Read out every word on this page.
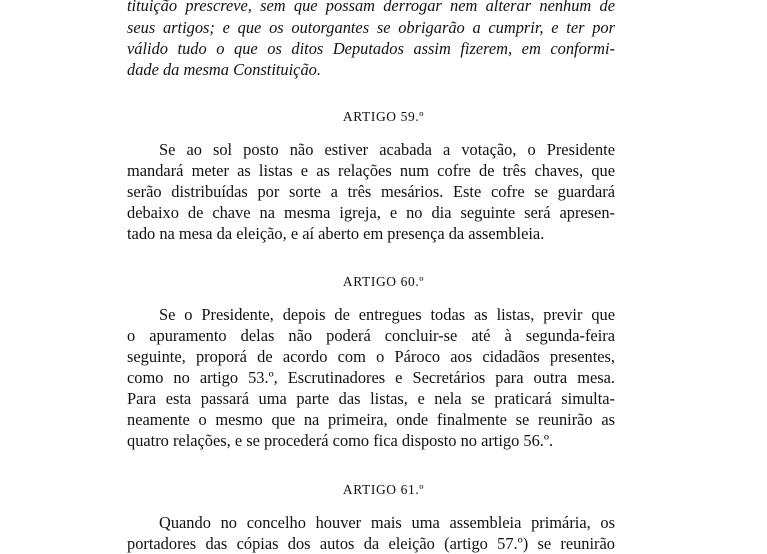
tituição prescreve, sem que possam derrogar nem alterar nenhum de
seus artigos; e que os outorgantes se obrigarão a cumprir, e ter por
válido tudo o que os ditos Deputados assim fizerem, em conformi-
dade da mesma Constituição.
ARTIGO 59.º
Se ao sol posto não estiver acabada a votação, o Presidente
mandará meter as listas e as relações num cofre de três chaves, que
serão distribuídas por sorte a três mesários. Este cofre se guardará
debaixo de chave na mesma igreja, e no dia seguinte será apresen-
tado na mesa da eleição, e aí aberto em presença da assembleia.
ARTIGO 60.º
Se o Presidente, depois de entregues todas as listas, previr que
o apuramento delas não poderá concluir-se até à segunda-feira
seguinte, proporá de acordo com o Pároco aos cidadãos presentes,
como no artigo 53.º, Escrutinadores e Secretários para outra mesa.
Para esta passará uma parte das listas, e nela se praticará simulta-
neamente o mesmo que na primeira, onde finalmente se reunirão as
quatro relações, e se procederá como fica disposto no artigo 56.º.
ARTIGO 61.º
Quando no concelho houver mais uma assembleia primária, os
portadores das cópias dos autos da eleição (artigo 57.º) se reunirão
